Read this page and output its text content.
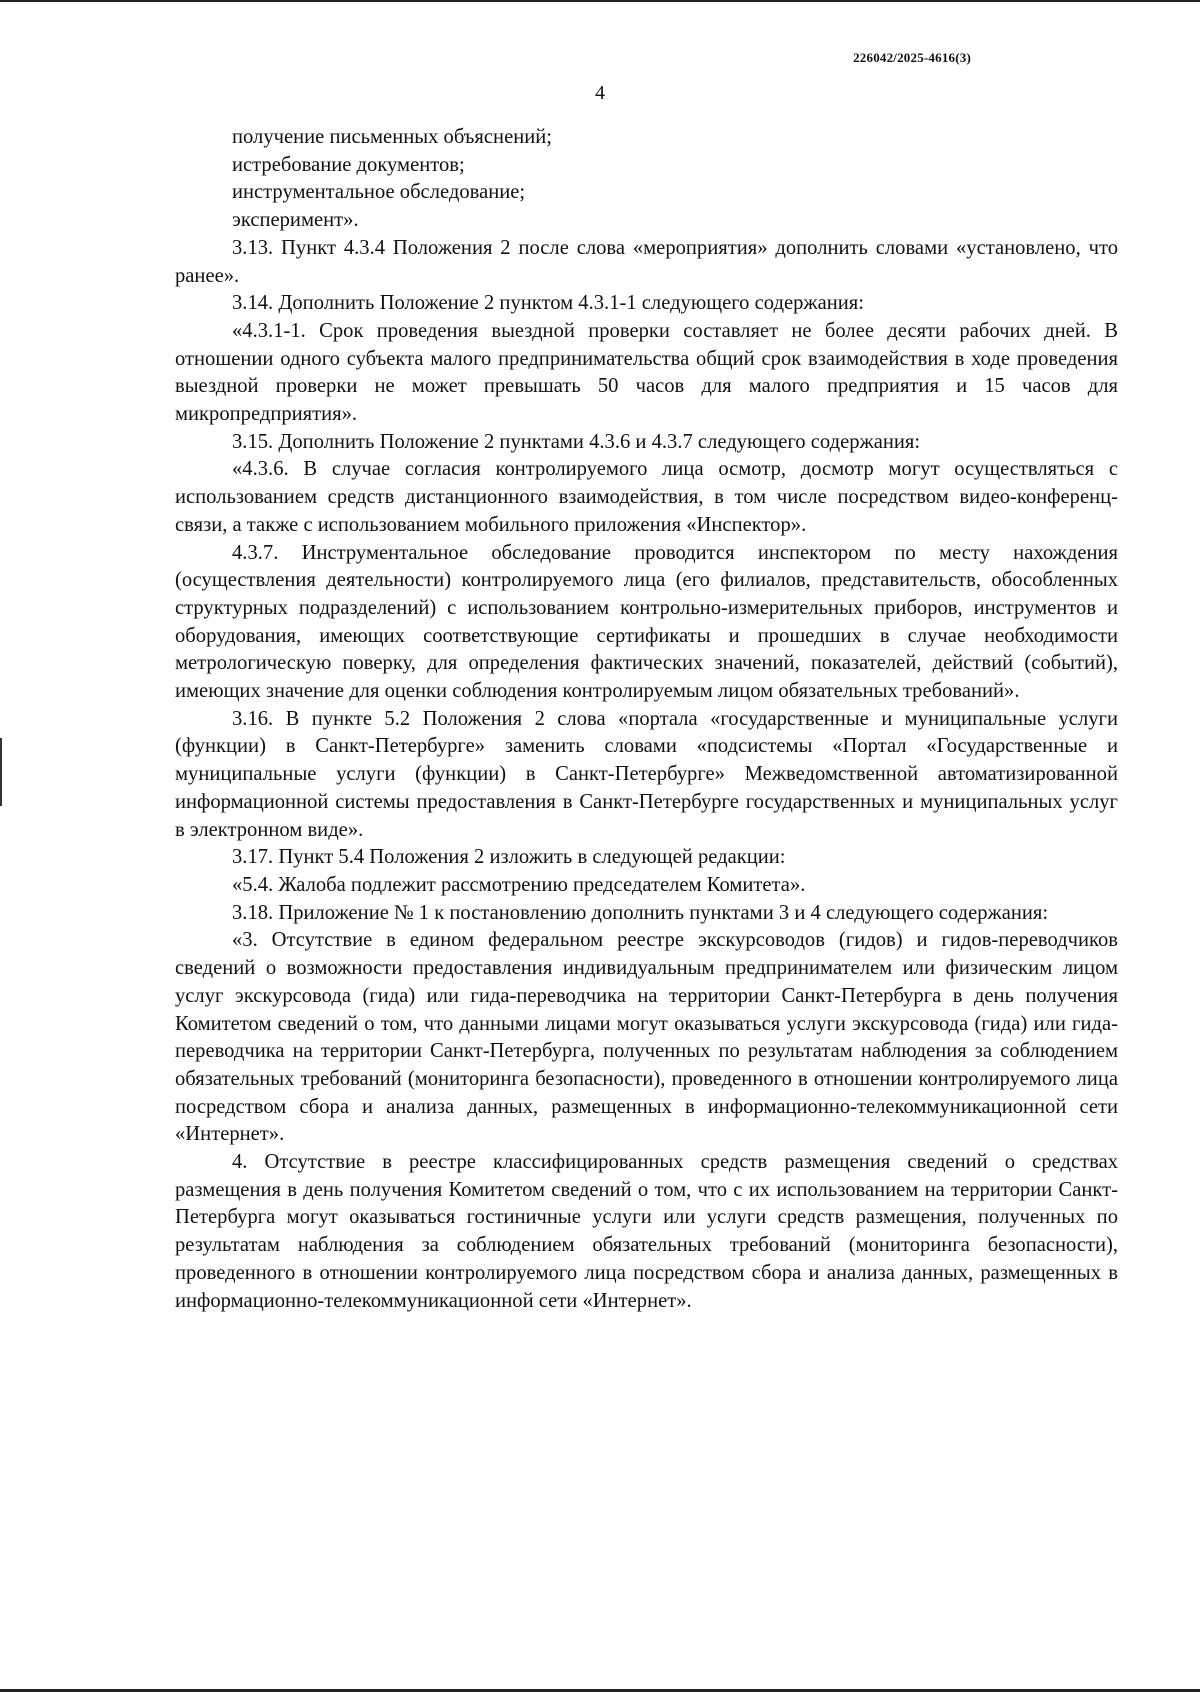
226042/2025-4616(3)
4

получение письменных объяснений;

истребование документов;

инструментальное обследование;

эксперимент».

3.13. Пункт 4.3.4 Положения 2 после слова «мероприятия» дополнить словами «установлено, что ранее».

3.14. Дополнить Положение 2 пунктом 4.3.1-1 следующего содержания:

«4.3.1-1. Срок проведения выездной проверки составляет не более десяти рабочих дней. В отношении одного субъекта малого предпринимательства общий срок взаимодействия в ходе проведения выездной проверки не может превышать 50 часов для малого предприятия и 15 часов для микропредприятия».

3.15. Дополнить Положение 2 пунктами 4.3.6 и 4.3.7 следующего содержания:

«4.3.6. В случае согласия контролируемого лица осмотр, досмотр могут осуществляться с использованием средств дистанционного взаимодействия, в том числе посредством видео-конференц-связи, а также с использованием мобильного приложения «Инспектор».

4.3.7. Инструментальное обследование проводится инспектором по месту нахождения (осуществления деятельности) контролируемого лица (его филиалов, представительств, обособленных структурных подразделений) с использованием контрольно-измерительных приборов, инструментов и оборудования, имеющих соответствующие сертификаты и прошедших в случае необходимости метрологическую поверку, для определения фактических значений, показателей, действий (событий), имеющих значение для оценки соблюдения контролируемым лицом обязательных требований».

3.16. В пункте 5.2 Положения 2 слова «портала «государственные и муниципальные услуги (функции) в Санкт-Петербурге» заменить словами «подсистемы «Портал «Государственные и муниципальные услуги (функции) в Санкт-Петербурге» Межведомственной автоматизированной информационной системы предоставления в Санкт-Петербурге государственных и муниципальных услуг в электронном виде».

3.17. Пункт 5.4 Положения 2 изложить в следующей редакции:

«5.4. Жалоба подлежит рассмотрению председателем Комитета».

3.18. Приложение № 1 к постановлению дополнить пунктами 3 и 4 следующего содержания:

«3. Отсутствие в едином федеральном реестре экскурсоводов (гидов) и гидов-переводчиков сведений о возможности предоставления индивидуальным предпринимателем или физическим лицом услуг экскурсовода (гида) или гида-переводчика на территории Санкт-Петербурга в день получения Комитетом сведений о том, что данными лицами могут оказываться услуги экскурсовода (гида) или гида-переводчика на территории Санкт-Петербурга, полученных по результатам наблюдения за соблюдением обязательных требований (мониторинга безопасности), проведенного в отношении контролируемого лица посредством сбора и анализа данных, размещенных в информационно-телекоммуникационной сети «Интернет».

4. Отсутствие в реестре классифицированных средств размещения сведений о средствах размещения в день получения Комитетом сведений о том, что с их использованием на территории Санкт-Петербурга могут оказываться гостиничные услуги или услуги средств размещения, полученных по результатам наблюдения за соблюдением обязательных требований (мониторинга безопасности), проведенного в отношении контролируемого лица посредством сбора и анализа данных, размещенных в информационно-телекоммуникационной сети «Интернет».
